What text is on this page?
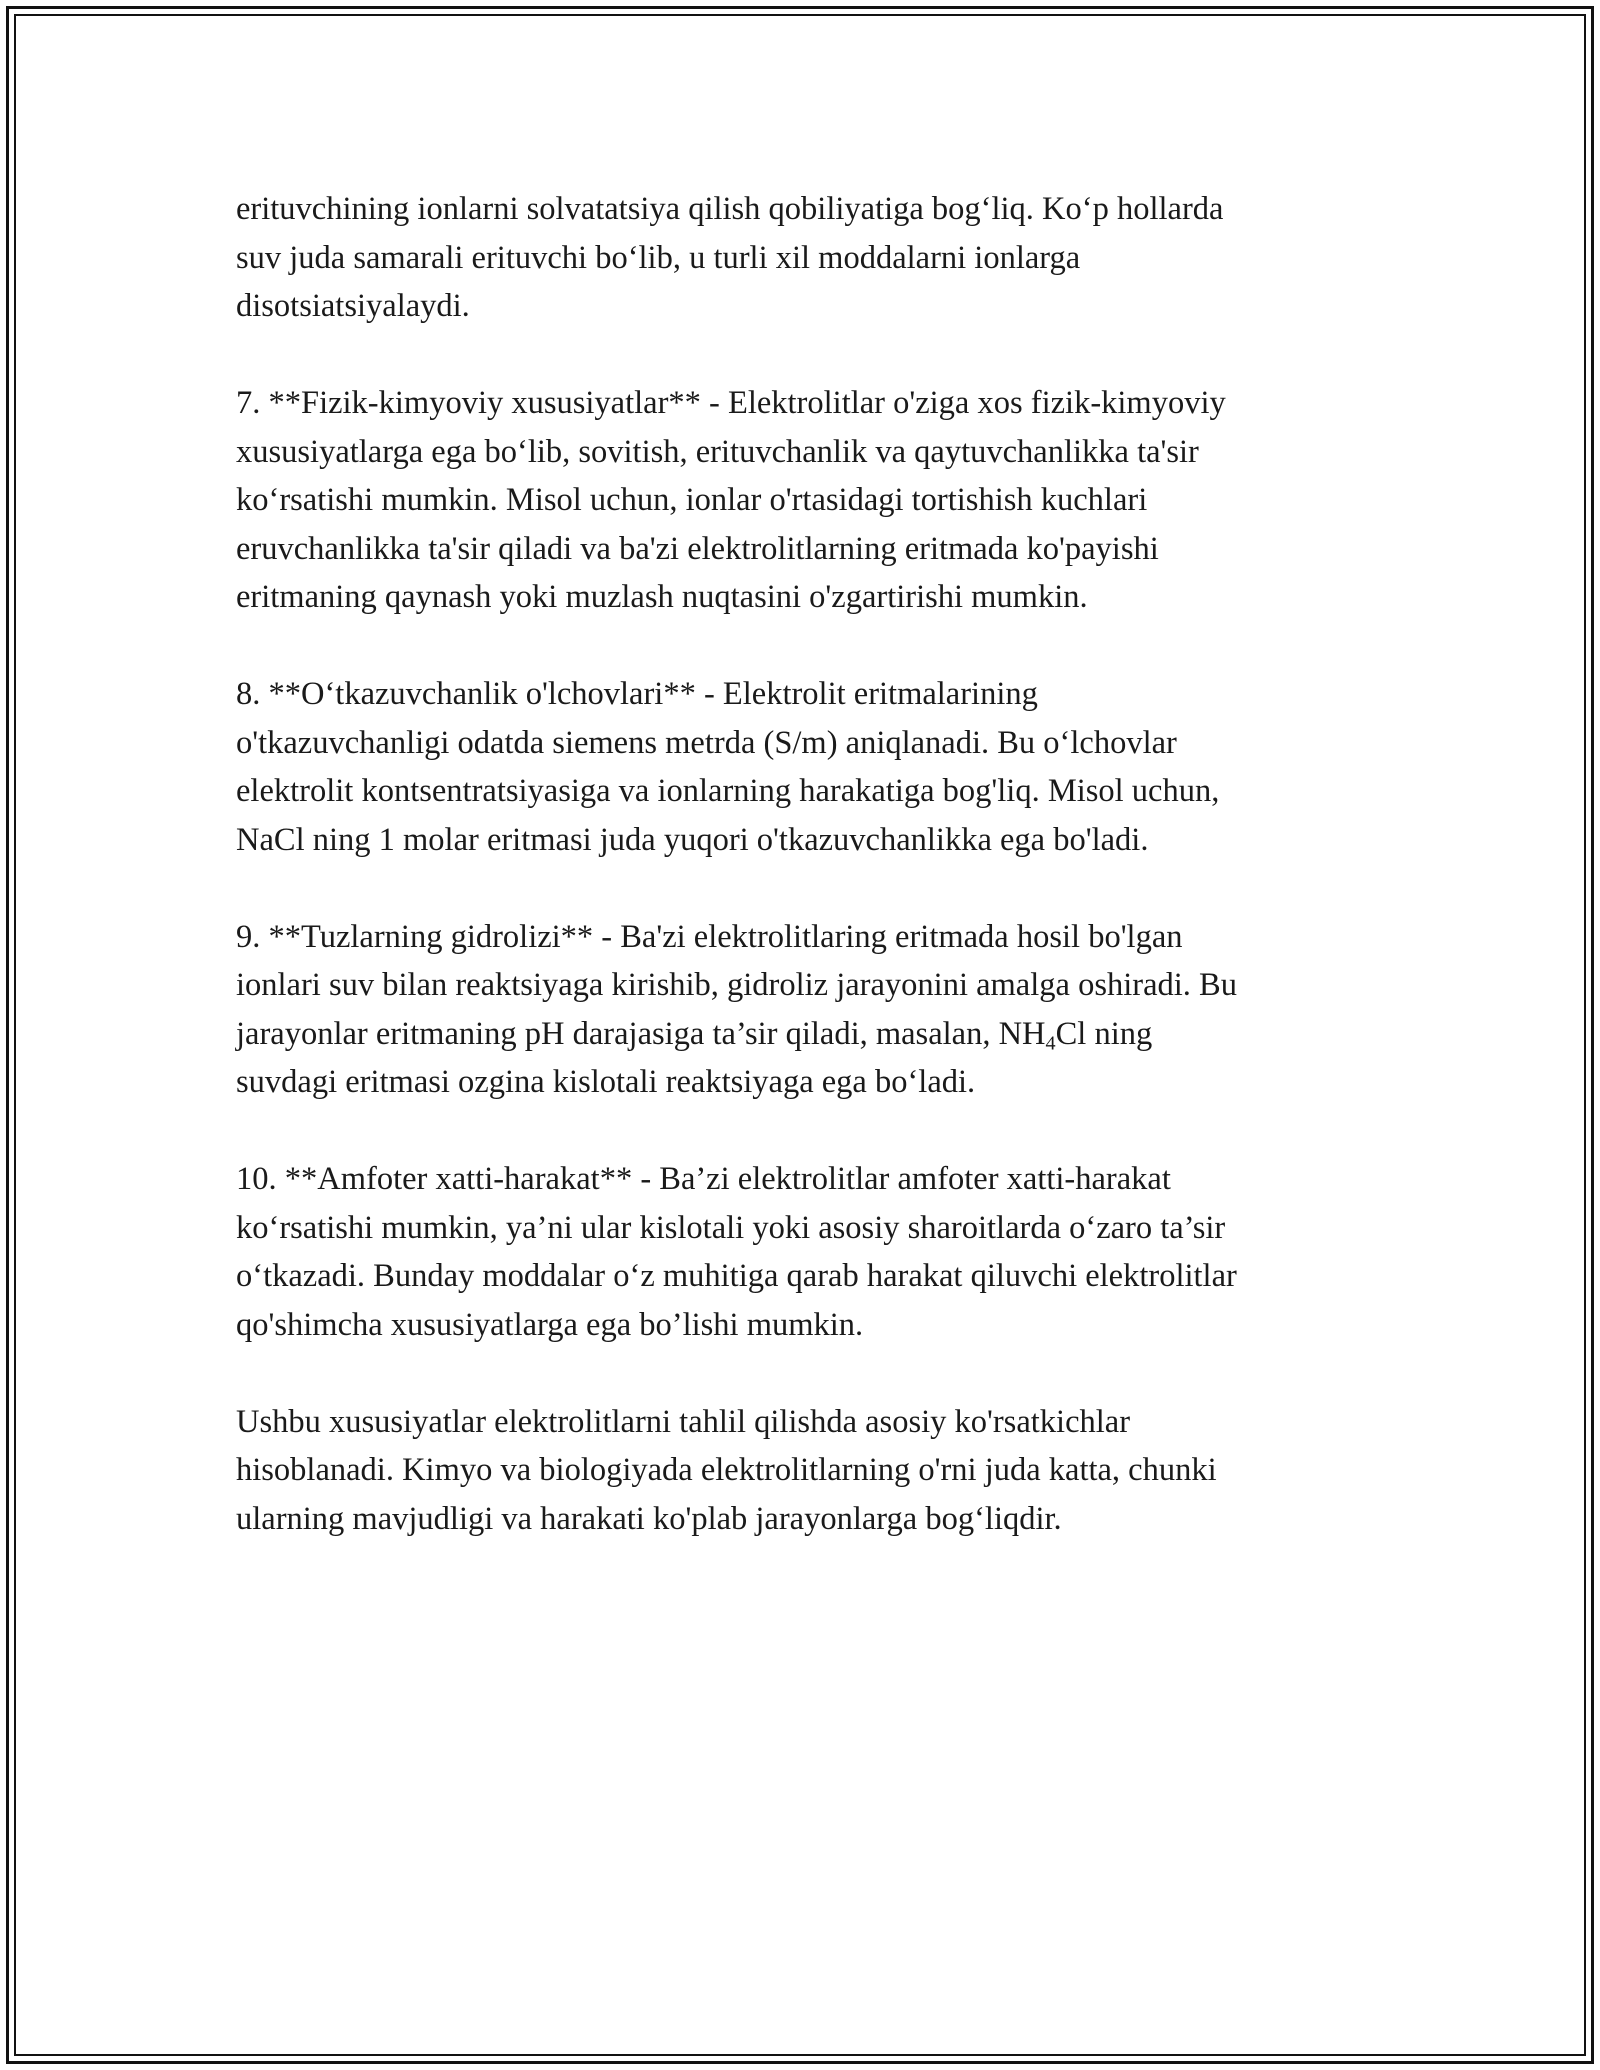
erituvchining ionlarni solvatatsiya qilish qobiliyatiga bog‘liq. Ko‘p hollarda
suv juda samarali erituvchi bo‘lib, u turli xil moddalarni ionlarga
disotsiatsiyalaydi.

7. **Fizik-kimyoviy xususiyatlar** - Elektrolitlar o'ziga xos fizik-kimyoviy
xususiyatlarga ega bo‘lib, sovitish, erituvchanlik va qaytuvchanlikka ta'sir
ko‘rsatishi mumkin. Misol uchun, ionlar o'rtasidagi tortishish kuchlari
eruvchanlikka ta'sir qiladi va ba'zi elektrolitlarning eritmada ko'payishi
eritmaning qaynash yoki muzlash nuqtasini o'zgartirishi mumkin.

8. **O‘tkazuvchanlik o'lchovlari** - Elektrolit eritmalarining
o'tkazuvchanligi odatda siemens metrda (S/m) aniqlanadi. Bu o‘lchovlar
elektrolit kontsentratsiyasiga va ionlarning harakatiga bog'liq. Misol uchun,
NaCl ning 1 molar eritmasi juda yuqori o'tkazuvchanlikka ega bo'ladi.

9. **Tuzlarning gidrolizi** - Ba'zi elektrolitlaring eritmada hosil bo'lgan
ionlari suv bilan reaktsiyaga kirishib, gidroliz jarayonini amalga oshiradi. Bu
jarayonlar eritmaning pH darajasiga ta’sir qiladi, masalan, $NH_4Cl$ ning
suvdagi eritmasi ozgina kislotali reaktsiyaga ega bo‘ladi.

10. **Amfoter xatti-harakat** - Ba’zi elektrolitlar amfoter xatti-harakat
ko‘rsatishi mumkin, ya’ni ular kislotali yoki asosiy sharoitlarda o‘zaro ta’sir
o‘tkazadi. Bunday moddalar o‘z muhitiga qarab harakat qiluvchi elektrolitlar
qo'shimcha xususiyatlarga ega bo’lishi mumkin.

Ushbu xususiyatlar elektrolitlarni tahlil qilishda asosiy ko'rsatkichlar
hisoblanadi. Kimyo va biologiyada elektrolitlarning o'rni juda katta, chunki
ularning mavjudligi va harakati ko'plab jarayonlarga bog‘liqdir.
